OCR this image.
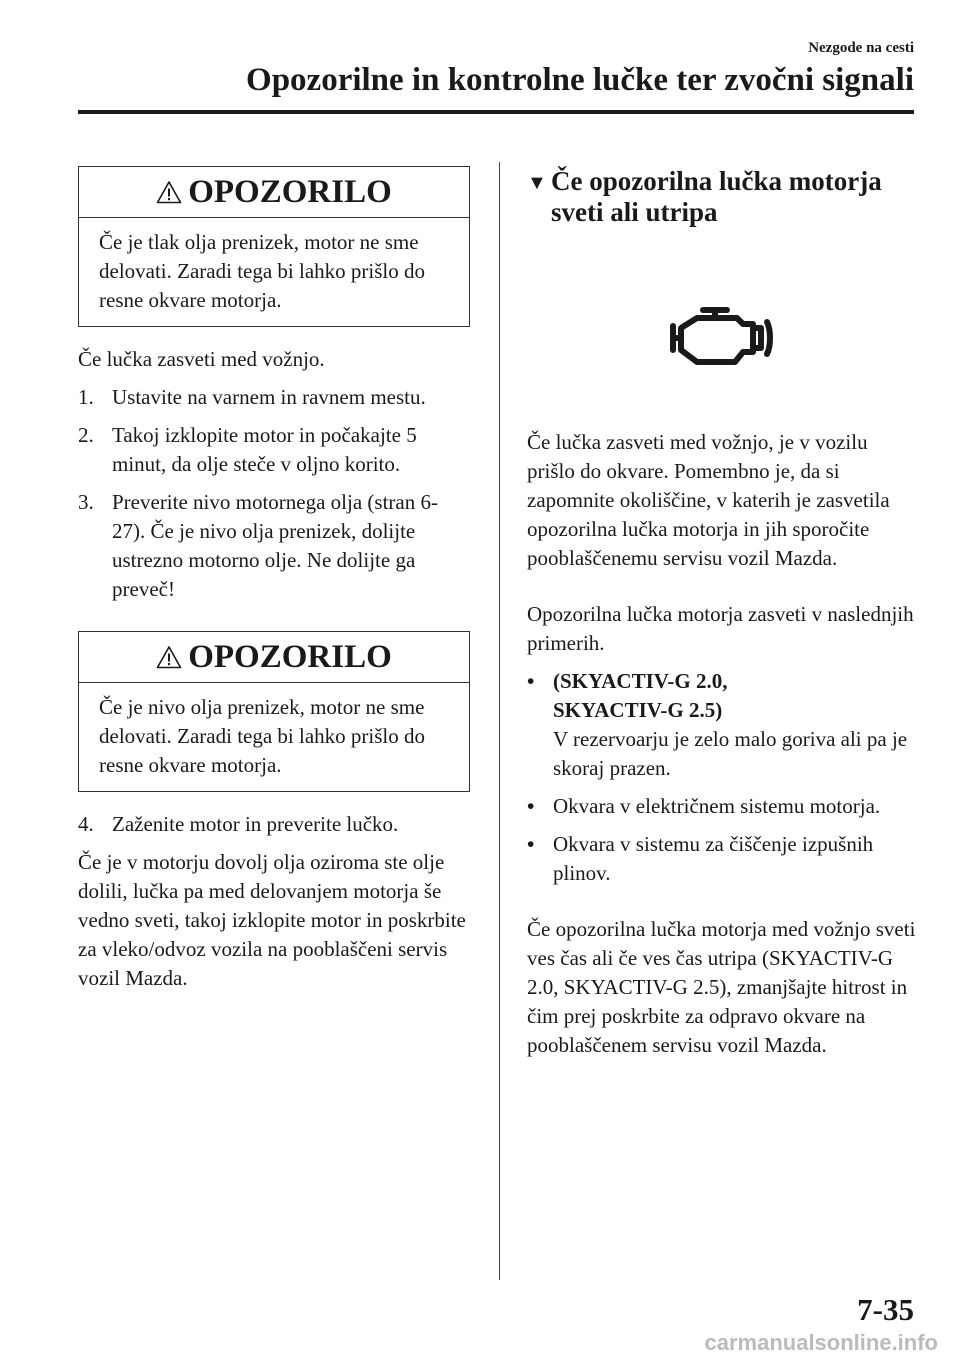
Nezgode na cesti
Opozorilne in kontrolne lučke ter zvočni signali
OPOZORILO
Če je tlak olja prenizek, motor ne sme delovati. Zaradi tega bi lahko prišlo do resne okvare motorja.

Če lučka zasveti med vožnjo.

1. Ustavite na varnem in ravnem mestu.
2. Takoj izklopite motor in počakajte 5 minut, da olje steče v oljno korito.
3. Preverite nivo motornega olja (stran 6-27). Če je nivo olja prenizek, dolijte ustrezno motorno olje. Ne dolijte ga preveč!
OPOZORILO
Če je nivo olja prenizek, motor ne sme delovati. Zaradi tega bi lahko prišlo do resne okvare motorja.
4. Zaženite motor in preverite lučko.

Če je v motorju dovolj olja oziroma ste olje dolili, lučka pa med delovanjem motorja še vedno sveti, takoj izklopite motor in poskrbite za vleko/odvoz vozila na pooblaščeni servis vozil Mazda.

▼ Če opozorilna lučka motorja
sveti ali utripa

Če lučka zasveti med vožnjo, je v vozilu prišlo do okvare. Pomembno je, da si zapomnite okoliščine, v katerih je zasvetila opozorilna lučka motorja in jih sporočite pooblaščenemu servisu vozil Mazda.

Opozorilna lučka motorja zasveti v naslednjih primerih.

• (SKYACTIV-G 2.0,
SKYACTIV-G 2.5)
V rezervoarju je zelo malo goriva ali pa je skoraj prazen.
• Okvara v električnem sistemu motorja.
• Okvara v sistemu za čiščenje izpušnih plinov.

Če opozorilna lučka motorja med vožnjo sveti ves čas ali če ves čas utripa (SKYACTIV-G 2.0, SKYACTIV-G 2.5), zmanjšajte hitrost in čim prej poskrbite za odpravo okvare na pooblaščenem servisu vozil Mazda.

7-35
carmanualsonline.info
